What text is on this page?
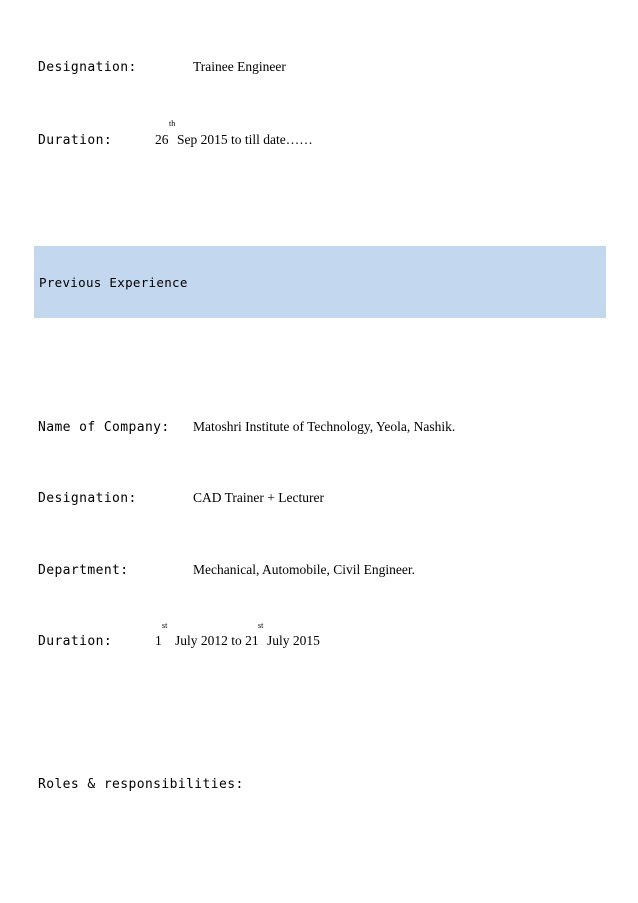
Designation:	Trainee Engineer
th
Duration:	26 Sep 2015 to till date……
Previous Experience
Name of Company: Matoshri Institute of Technology, Yeola, Nashik.
Designation:	CAD Trainer + Lecturer
Department:	Mechanical, Automobile, Civil Engineer.
st	st
Duration:	1 July 2012 to 21 July 2015
Roles & responsibilities:
